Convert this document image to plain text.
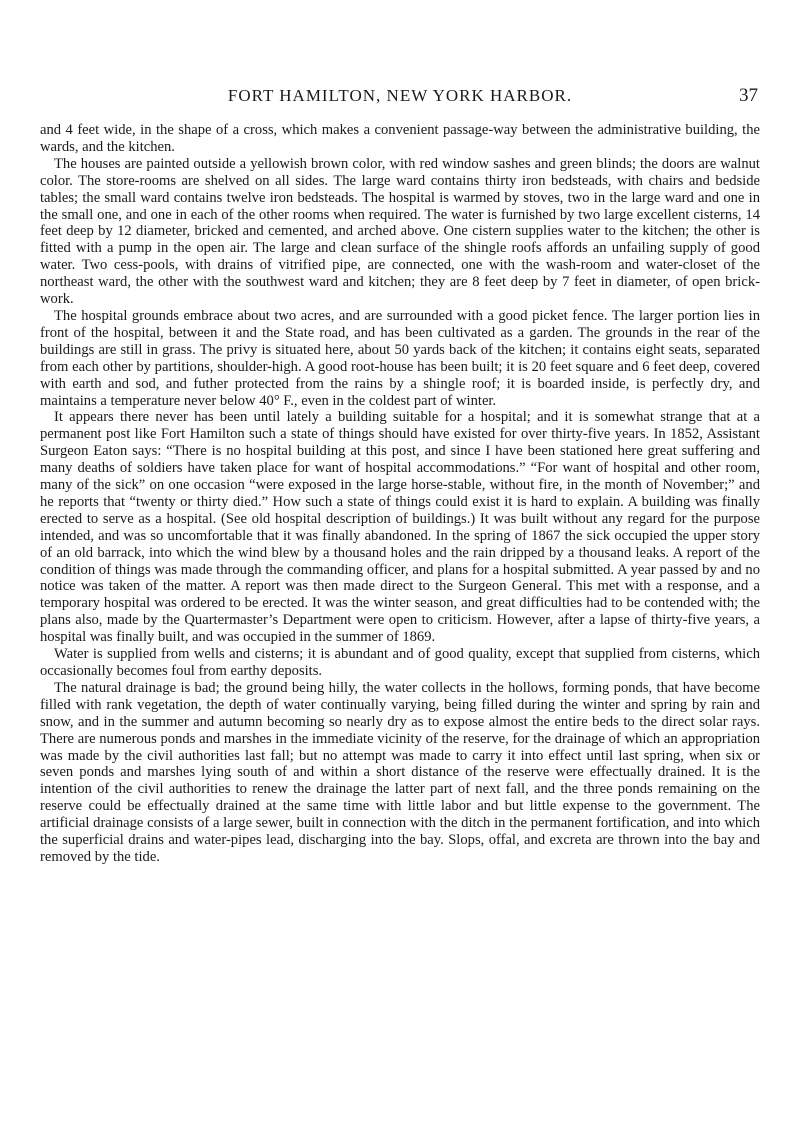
FORT HAMILTON, NEW YORK HARBOR.	37

and 4 feet wide, in the shape of a cross, which makes a convenient passage-way between the administrative building, the wards, and the kitchen.

The houses are painted outside a yellowish brown color, with red window sashes and green blinds; the doors are walnut color. The store-rooms are shelved on all sides. The large ward contains thirty iron bedsteads, with chairs and bedside tables; the small ward contains twelve iron bedsteads. The hospital is warmed by stoves, two in the large ward and one in the small one, and one in each of the other rooms when required. The water is furnished by two large excellent cisterns, 14 feet deep by 12 diameter, bricked and cemented, and arched above. One cistern supplies water to the kitchen; the other is fitted with a pump in the open air. The large and clean surface of the shingle roofs affords an unfailing supply of good water. Two cess-pools, with drains of vitrified pipe, are connected, one with the wash-room and water-closet of the northeast ward, the other with the southwest ward and kitchen; they are 8 feet deep by 7 feet in diameter, of open brick-work.

The hospital grounds embrace about two acres, and are surrounded with a good picket fence. The larger portion lies in front of the hospital, between it and the State road, and has been cultivated as a garden. The grounds in the rear of the buildings are still in grass. The privy is situated here, about 50 yards back of the kitchen; it contains eight seats, separated from each other by partitions, shoulder-high. A good root-house has been built; it is 20 feet square and 6 feet deep, covered with earth and sod, and futher protected from the rains by a shingle roof; it is boarded inside, is perfectly dry, and maintains a temperature never below 40° F., even in the coldest part of winter.

It appears there never has been until lately a building suitable for a hospital; and it is somewhat strange that at a permanent post like Fort Hamilton such a state of things should have existed for over thirty-five years. In 1852, Assistant Surgeon Eaton says: “There is no hospital building at this post, and since I have been stationed here great suffering and many deaths of soldiers have taken place for want of hospital accommodations.” “For want of hospital and other room, many of the sick” on one occasion “were exposed in the large horse-stable, without fire, in the month of November;” and he reports that “twenty or thirty died.” How such a state of things could exist it is hard to explain. A building was finally erected to serve as a hospital. (See old hospital description of buildings.) It was built without any regard for the purpose intended, and was so uncomfortable that it was finally abandoned. In the spring of 1867 the sick occupied the upper story of an old barrack, into which the wind blew by a thousand holes and the rain dripped by a thousand leaks. A report of the condition of things was made through the commanding officer, and plans for a hospital submitted. A year passed by and no notice was taken of the matter. A report was then made direct to the Surgeon General. This met with a response, and a temporary hospital was ordered to be erected. It was the winter season, and great difficulties had to be contended with; the plans also, made by the Quartermaster’s Department were open to criticism. However, after a lapse of thirty-five years, a hospital was finally built, and was occupied in the summer of 1869.

Water is supplied from wells and cisterns; it is abundant and of good quality, except that supplied from cisterns, which occasionally becomes foul from earthy deposits.

The natural drainage is bad; the ground being hilly, the water collects in the hollows, forming ponds, that have become filled with rank vegetation, the depth of water continually varying, being filled during the winter and spring by rain and snow, and in the summer and autumn becoming so nearly dry as to expose almost the entire beds to the direct solar rays. There are numerous ponds and marshes in the immediate vicinity of the reserve, for the drainage of which an appropriation was made by the civil authorities last fall; but no attempt was made to carry it into effect until last spring, when six or seven ponds and marshes lying south of and within a short distance of the reserve were effectually drained. It is the intention of the civil authorities to renew the drainage the latter part of next fall, and the three ponds remaining on the reserve could be effectually drained at the same time with little labor and but little expense to the government. The artificial drainage consists of a large sewer, built in connection with the ditch in the permanent fortification, and into which the superficial drains and water-pipes lead, discharging into the bay. Slops, offal, and excreta are thrown into the bay and removed by the tide.
